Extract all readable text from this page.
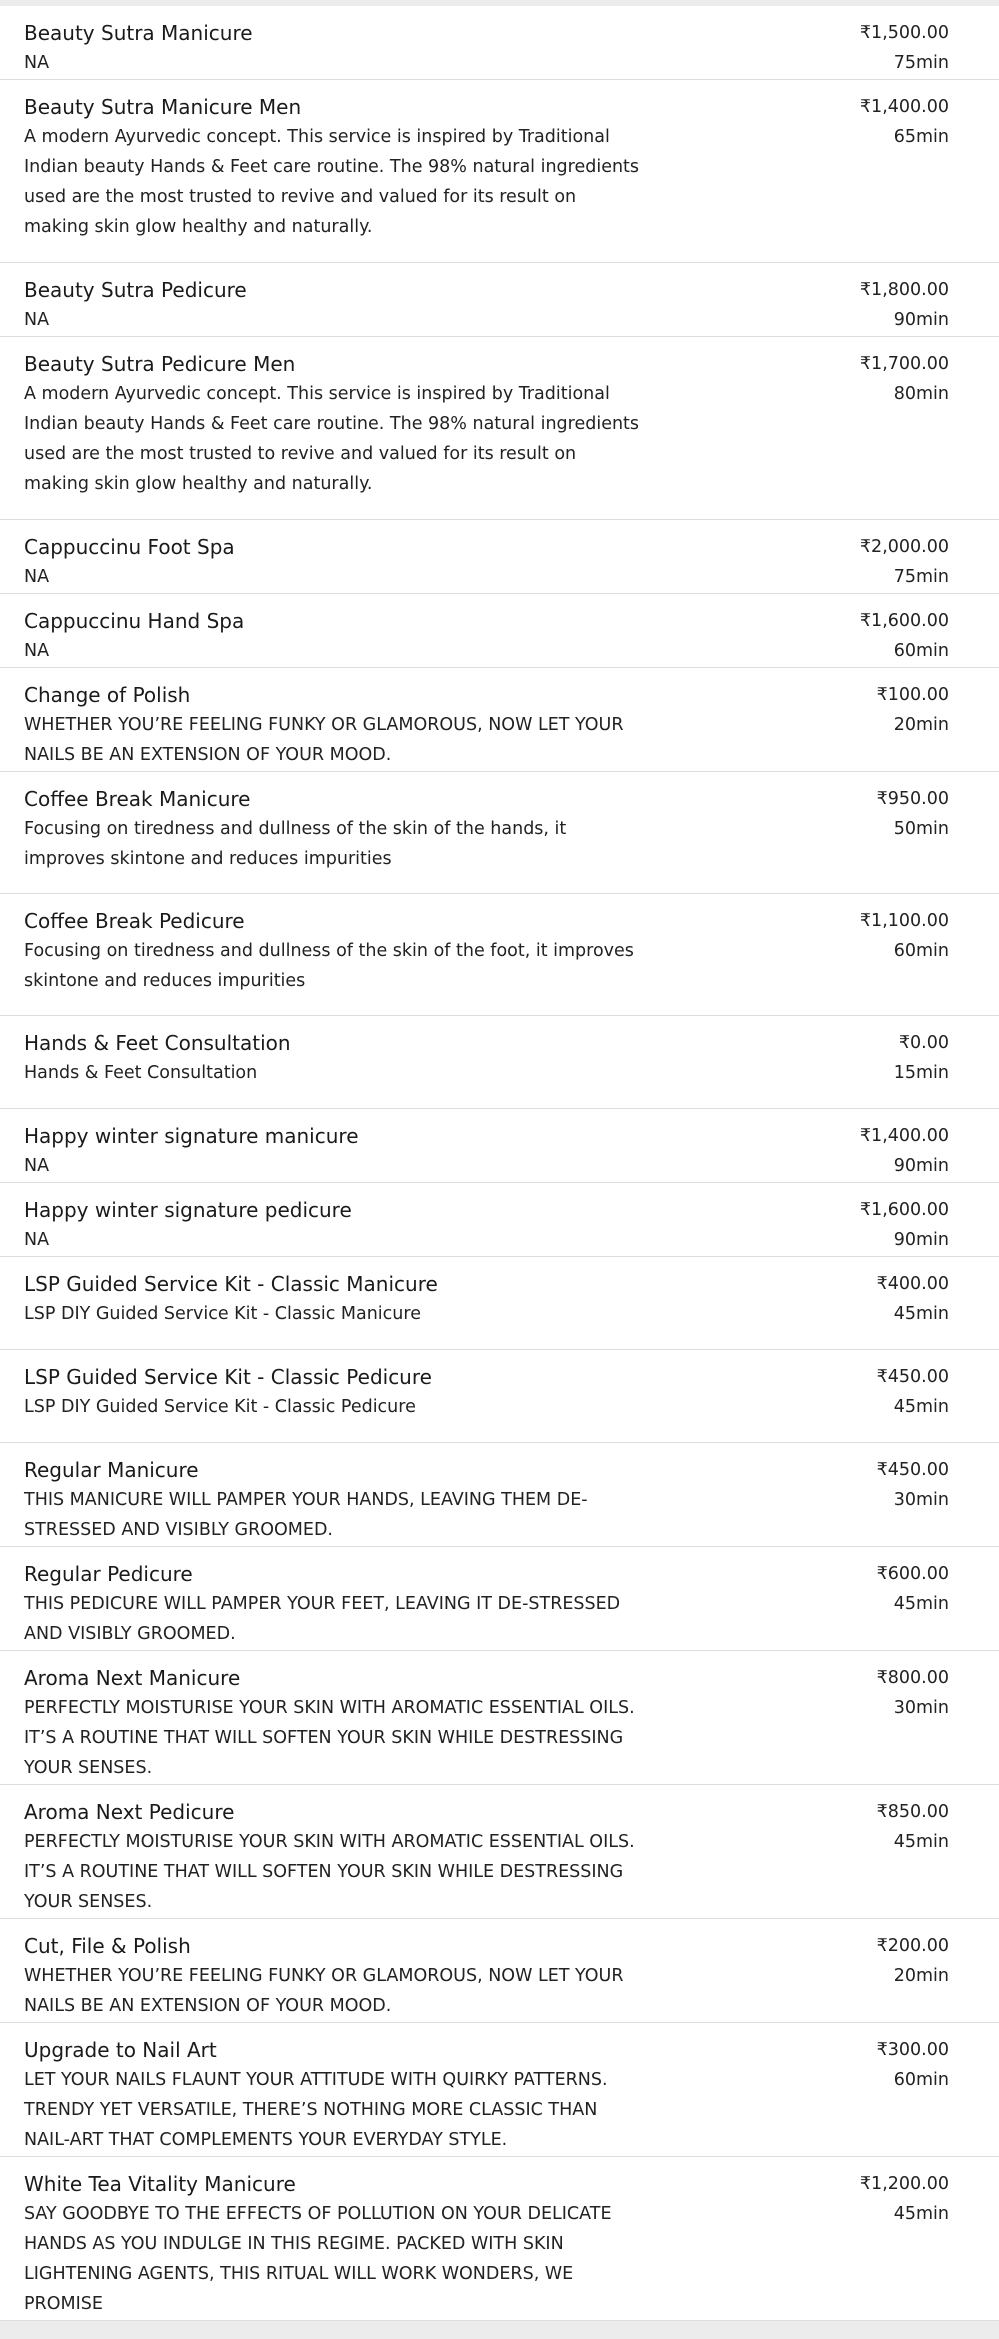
Beauty Sutra Manicure
NA
₹1,500.00
75min
Beauty Sutra Manicure Men
A modern Ayurvedic concept. This service is inspired by Traditional Indian beauty Hands & Feet care routine. The 98% natural ingredients used are the most trusted to revive and valued for its result on making skin glow healthy and naturally.
₹1,400.00
65min
Beauty Sutra Pedicure
NA
₹1,800.00
90min
Beauty Sutra Pedicure Men
A modern Ayurvedic concept. This service is inspired by Traditional Indian beauty Hands & Feet care routine. The 98% natural ingredients used are the most trusted to revive and valued for its result on making skin glow healthy and naturally.
₹1,700.00
80min
Cappuccinu Foot Spa
NA
₹2,000.00
75min
Cappuccinu Hand Spa
NA
₹1,600.00
60min
Change of Polish
WHETHER YOU’RE FEELING FUNKY OR GLAMOROUS, NOW LET YOUR NAILS BE AN EXTENSION OF YOUR MOOD.
₹100.00
20min
Coffee Break Manicure
Focusing on tiredness and dullness of the skin of the hands, it improves skintone and reduces impurities
₹950.00
50min
Coffee Break Pedicure
Focusing on tiredness and dullness of the skin of the foot, it improves skintone and reduces impurities
₹1,100.00
60min
Hands & Feet Consultation
Hands & Feet Consultation
₹0.00
15min
Happy winter signature manicure
NA
₹1,400.00
90min
Happy winter signature pedicure
NA
₹1,600.00
90min
LSP Guided Service Kit - Classic Manicure
LSP DIY Guided Service Kit - Classic Manicure
₹400.00
45min
LSP Guided Service Kit - Classic Pedicure
LSP DIY Guided Service Kit - Classic Pedicure
₹450.00
45min
Regular Manicure
THIS MANICURE WILL PAMPER YOUR HANDS, LEAVING THEM DE-STRESSED AND VISIBLY GROOMED.
₹450.00
30min
Regular Pedicure
THIS PEDICURE WILL PAMPER YOUR FEET, LEAVING IT DE-STRESSED AND VISIBLY GROOMED.
₹600.00
45min
Aroma Next Manicure
PERFECTLY MOISTURISE YOUR SKIN WITH AROMATIC ESSENTIAL OILS. IT’S A ROUTINE THAT WILL SOFTEN YOUR SKIN WHILE DESTRESSING YOUR SENSES.
₹800.00
30min
Aroma Next Pedicure
PERFECTLY MOISTURISE YOUR SKIN WITH AROMATIC ESSENTIAL OILS. IT’S A ROUTINE THAT WILL SOFTEN YOUR SKIN WHILE DESTRESSING YOUR SENSES.
₹850.00
45min
Cut, File & Polish
WHETHER YOU’RE FEELING FUNKY OR GLAMOROUS, NOW LET YOUR NAILS BE AN EXTENSION OF YOUR MOOD.
₹200.00
20min
Upgrade to Nail Art
LET YOUR NAILS FLAUNT YOUR ATTITUDE WITH QUIRKY PATTERNS. TRENDY YET VERSATILE, THERE’S NOTHING MORE CLASSIC THAN NAIL-ART THAT COMPLEMENTS YOUR EVERYDAY STYLE.
₹300.00
60min
White Tea Vitality Manicure
SAY GOODBYE TO THE EFFECTS OF POLLUTION ON YOUR DELICATE HANDS AS YOU INDULGE IN THIS REGIME. PACKED WITH SKIN LIGHTENING AGENTS, THIS RITUAL WILL WORK WONDERS, WE PROMISE
₹1,200.00
45min
